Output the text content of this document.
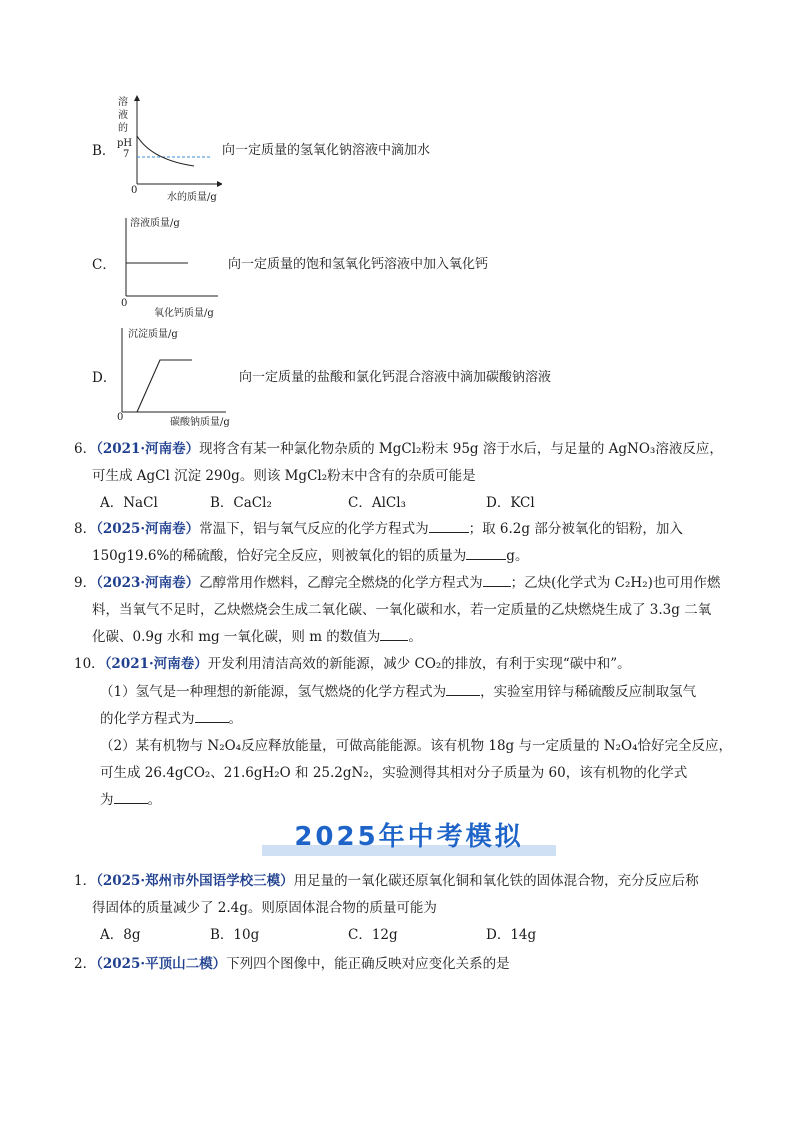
B．
溶
液
的
pH
7
0
水的质量/g
向一定质量的氢氧化钠溶液中滴加水
C．
溶液质量/g
0
氧化钙质量/g
向一定质量的饱和氢氧化钙溶液中加入氧化钙
D．
沉淀质量/g
0	碳酸钠质量/g
向一定质量的盐酸和氯化钙混合溶液中滴加碳酸钠溶液
6．（2021·河南卷）现将含有某一种氯化物杂质的 MgCl₂粉末 95g 溶于水后，与足量的 AgNO₃溶液反应，
可生成 AgCl 沉淀 290g。则该 MgCl₂粉末中含有的杂质可能是
A．NaCl	B．CaCl₂	C．AlCl₃	D．KCl
8．（2025·河南卷）常温下，铝与氧气反应的化学方程式为	；取 6.2g 部分被氧化的铝粉，加入
150g19.6%的稀硫酸，恰好完全反应，则被氧化的铝的质量为	g。
9．（2023·河南卷）乙醇常用作燃料，乙醇完全燃烧的化学方程式为 ；乙炔(化学式为 C₂H₂)也可用作燃
料，当氧气不足时，乙炔燃烧会生成二氧化碳、一氧化碳和水，若一定质量的乙炔燃烧生成了 3.3g 二氧
化碳、0.9g 水和 mg 一氧化碳，则 m 的数值为 。
10．（2021·河南卷）开发利用清洁高效的新能源，减少 CO₂的排放，有利于实现“碳中和”。
（1）氢气是一种理想的新能源，氢气燃烧的化学方程式为	，实验室用锌与稀硫酸反应制取氢气
的化学方程式为	。
（2）某有机物与 N₂O₄反应释放能量，可做高能能源。该有机物 18g 与一定质量的 N₂O₄恰好完全反应，
可生成 26.4gCO₂、21.6gH₂O 和 25.2gN₂，实验测得其相对分子质量为 60，该有机物的化学式
为	。
2025年中考模拟
1．（2025·郑州市外国语学校三模）用足量的一氧化碳还原氧化铜和氧化铁的固体混合物，充分反应后称
得固体的质量减少了 2.4g。则原固体混合物的质量可能为
A．8g	B．10g	C．12g	D．14g
2．（2025·平顶山二模）下列四个图像中，能正确反映对应变化关系的是
